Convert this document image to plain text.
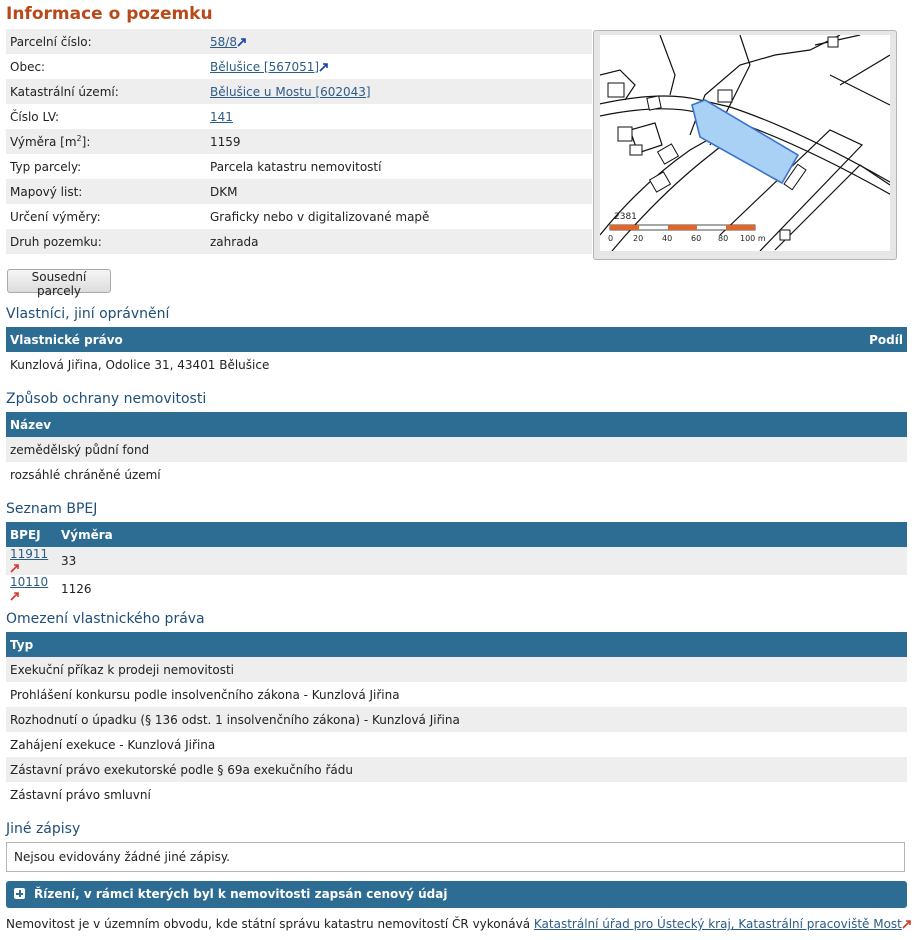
Informace o pozemku
Parcelní číslo:	58/8
Obec:	Bělušice [567051]
Katastrální území:	Bělušice u Mostu [602043]
Číslo LV:	141
Výměra $[m^2]$:	1159
Typ parcely:	Parcela katastru nemovitostí
Mapový list:	DKM
Určení výměry:	Graficky nebo v digitalizované mapě
Druh pozemku:	zahrada
2381
0 20 40 60 80 100 m
Sousední parcely
Vlastníci, jiní oprávnění
Vlastnické právo	Podíl
Kunzlová Jiřina, Odolice 31, 43401 Bělušice
Způsob ochrany nemovitosti
Název
zemědělský půdní fond
rozsáhlé chráněné území
Seznam BPEJ
BPEJ	Výměra
11911	33
10110	1126
Omezení vlastnického práva
Typ
Exekuční příkaz k prodeji nemovitosti
Prohlášení konkursu podle insolvenčního zákona - Kunzlová Jiřina
Rozhodnutí o úpadku (§ 136 odst. 1 insolvenčního zákona) - Kunzlová Jiřina
Zahájení exekuce - Kunzlová Jiřina
Zástavní právo exekutorské podle § 69a exekučního řádu
Zástavní právo smluvní
Jiné zápisy
Nejsou evidovány žádné jiné zápisy.
Řízení, v rámci kterých byl k nemovitosti zapsán cenový údaj
Nemovitost je v územním obvodu, kde státní správu katastru nemovitostí ČR vykonává Katastrální úřad pro Ústecký kraj, Katastrální pracoviště Most
